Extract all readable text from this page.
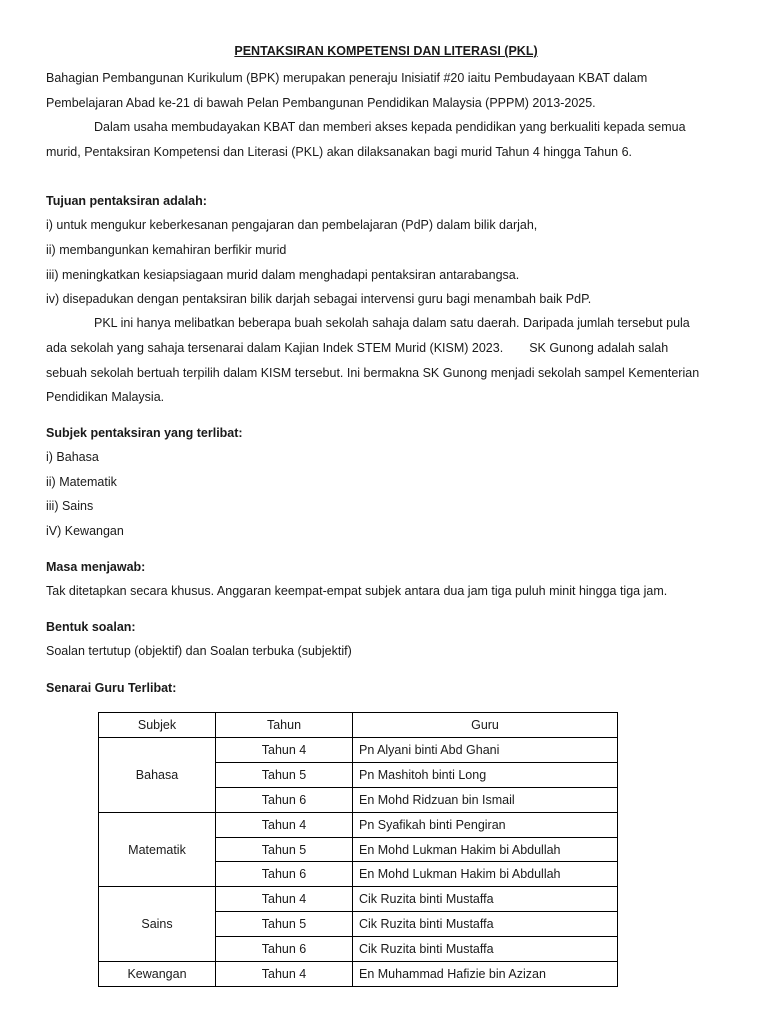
PENTAKSIRAN KOMPETENSI DAN LITERASI (PKL)
Bahagian Pembangunan Kurikulum (BPK) merupakan peneraju Inisiatif #20 iaitu Pembudayaan KBAT dalam
Pembelajaran Abad ke-21 di bawah Pelan Pembangunan Pendidikan Malaysia (PPPM) 2013-2025.
Dalam usaha membudayakan KBAT dan memberi akses kepada pendidikan yang berkualiti kepada semua
murid, Pentaksiran Kompetensi dan Literasi (PKL) akan dilaksanakan bagi murid Tahun 4 hingga Tahun 6.
Tujuan pentaksiran adalah:
i) untuk mengukur keberkesanan pengajaran dan pembelajaran (PdP) dalam bilik darjah,
ii) membangunkan kemahiran berfikir murid
iii) meningkatkan kesiapsiagaan murid dalam menghadapi pentaksiran antarabangsa.
iv) disepadukan dengan pentaksiran bilik darjah sebagai intervensi guru bagi menambah baik PdP.
PKL ini hanya melibatkan beberapa buah sekolah sahaja dalam satu daerah. Daripada jumlah tersebut pula
ada sekolah yang sahaja tersenarai dalam Kajian Indek STEM Murid (KISM) 2023. SK Gunong adalah salah
sebuah sekolah bertuah terpilih dalam KISM tersebut. Ini bermakna SK Gunong menjadi sekolah sampel Kementerian
Pendidikan Malaysia.
Subjek pentaksiran yang terlibat:
i) Bahasa
ii) Matematik
iii) Sains
iV) Kewangan
Masa menjawab:
Tak ditetapkan secara khusus. Anggaran keempat-empat subjek antara dua jam tiga puluh minit hingga tiga jam.
Bentuk soalan:
Soalan tertutup (objektif) dan Soalan terbuka (subjektif)
Senarai Guru Terlibat:
Subjek	Tahun	Guru
Bahasa	Tahun 4	Pn Alyani binti Abd Ghani
	Tahun 5	Pn Mashitoh binti Long
	Tahun 6	En Mohd Ridzuan bin Ismail
Matematik	Tahun 4	Pn Syafikah binti Pengiran
	Tahun 5	En Mohd Lukman Hakim bi Abdullah
	Tahun 6	En Mohd Lukman Hakim bi Abdullah
Sains	Tahun 4	Cik Ruzita binti Mustaffa
	Tahun 5	Cik Ruzita binti Mustaffa
	Tahun 6	Cik Ruzita binti Mustaffa
Kewangan	Tahun 4	En Muhammad Hafizie bin Azizan
